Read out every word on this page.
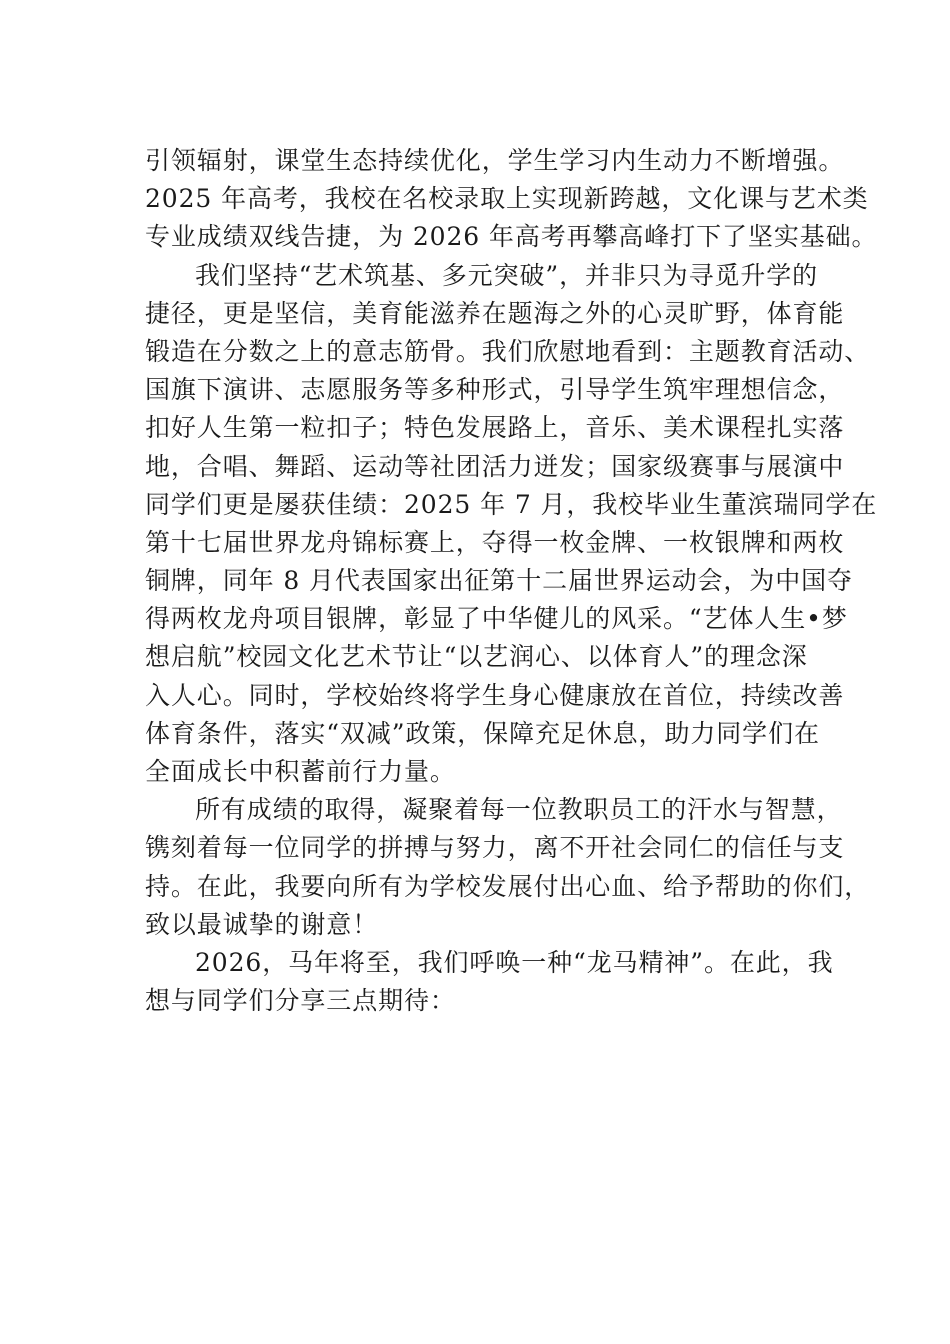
引领辐射，课堂生态持续优化，学生学习内生动力不断增强。
2025 年高考，我校在名校录取上实现新跨越，文化课与艺术类
专业成绩双线告捷，为 2026 年高考再攀高峰打下了坚实基础。
我们坚持“艺术筑基、多元突破”，并非只为寻觅升学的
捷径，更是坚信，美育能滋养在题海之外的心灵旷野，体育能
锻造在分数之上的意志筋骨。我们欣慰地看到：主题教育活动、
国旗下演讲、志愿服务等多种形式，引导学生筑牢理想信念，
扣好人生第一粒扣子；特色发展路上，音乐、美术课程扎实落
地，合唱、舞蹈、运动等社团活力迸发；国家级赛事与展演中
同学们更是屡获佳绩：2025 年 7 月，我校毕业生董滨瑞同学在
第十七届世界龙舟锦标赛上，夺得一枚金牌、一枚银牌和两枚
铜牌，同年 8 月代表国家出征第十二届世界运动会，为中国夺
得两枚龙舟项目银牌，彰显了中华健儿的风采。“艺体人生•梦
想启航”校园文化艺术节让“以艺润心、以体育人”的理念深
入人心。同时，学校始终将学生身心健康放在首位，持续改善
体育条件，落实“双减”政策，保障充足休息，助力同学们在
全面成长中积蓄前行力量。
所有成绩的取得，凝聚着每一位教职员工的汗水与智慧，
镌刻着每一位同学的拼搏与努力，离不开社会同仁的信任与支
持。在此，我要向所有为学校发展付出心血、给予帮助的你们，
致以最诚挚的谢意！
2026，马年将至，我们呼唤一种“龙马精神”。在此，我
想与同学们分享三点期待：
